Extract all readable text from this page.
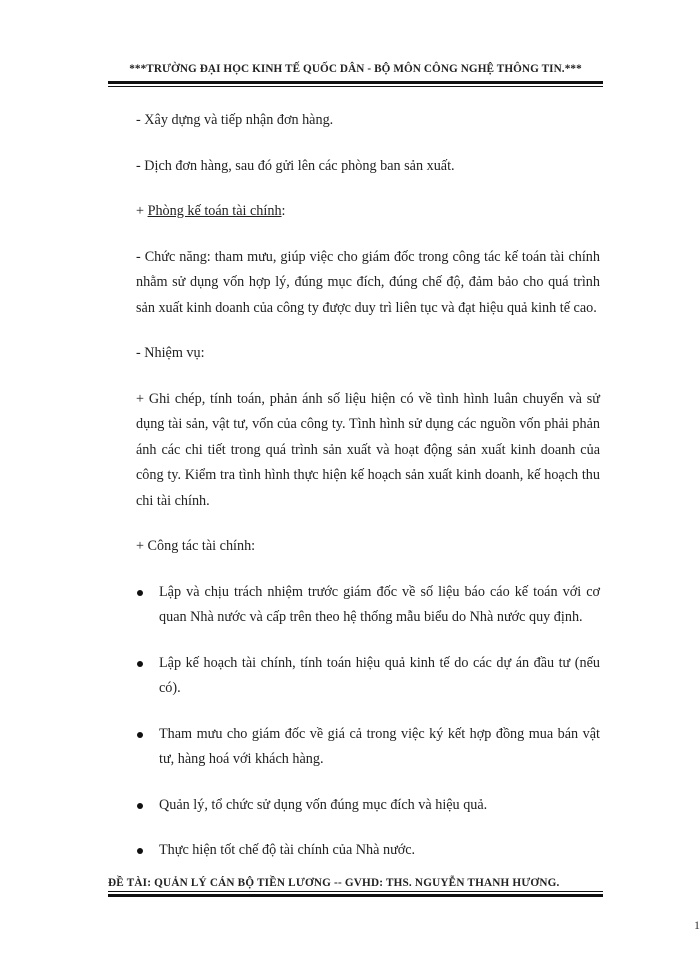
***TRƯỜNG ĐẠI HỌC KINH TẾ QUỐC DÂN - BỘ MÔN CÔNG NGHỆ THÔNG TIN.***

- Xây dựng và tiếp nhận đơn hàng.

- Dịch đơn hàng, sau đó gửi lên các phòng ban sản xuất.

+ Phòng kế toán tài chính:

- Chức năng: tham mưu, giúp việc cho giám đốc trong công tác kế toán tài chính nhằm sử dụng vốn hợp lý, đúng mục đích, đúng chế độ, đảm bảo cho quá trình sản xuất kinh doanh của công ty được duy trì liên tục và đạt hiệu quả kinh tế cao.

- Nhiệm vụ:

+ Ghi chép, tính toán, phản ánh số liệu hiện có về tình hình luân chuyển và sử dụng tài sản, vật tư, vốn của công ty. Tình hình sử dụng các nguồn vốn phải phản ánh các chi tiết trong quá trình sản xuất và hoạt động sản xuất kinh doanh của công ty. Kiểm tra tình hình thực hiện kế hoạch sản xuất kinh doanh, kế hoạch thu chi tài chính.

+ Công tác tài chính:

Lập và chịu trách nhiệm trước giám đốc về số liệu báo cáo kế toán với cơ quan Nhà nước và cấp trên theo hệ thống mẫu biểu do Nhà nước quy định.
Lập kế hoạch tài chính, tính toán hiệu quả kinh tế do các dự án đầu tư (nếu có).
Tham mưu cho giám đốc về giá cả trong việc ký kết hợp đồng mua bán vật tư, hàng hoá với khách hàng.
Quản lý, tổ chức sử dụng vốn đúng mục đích và hiệu quả.
Thực hiện tốt chế độ tài chính của Nhà nước.
ĐỀ TÀI: QUẢN LÝ CÁN BỘ TIỀN LƯƠNG -- GVHD: THS. NGUYỄN THANH HƯƠNG.
1
